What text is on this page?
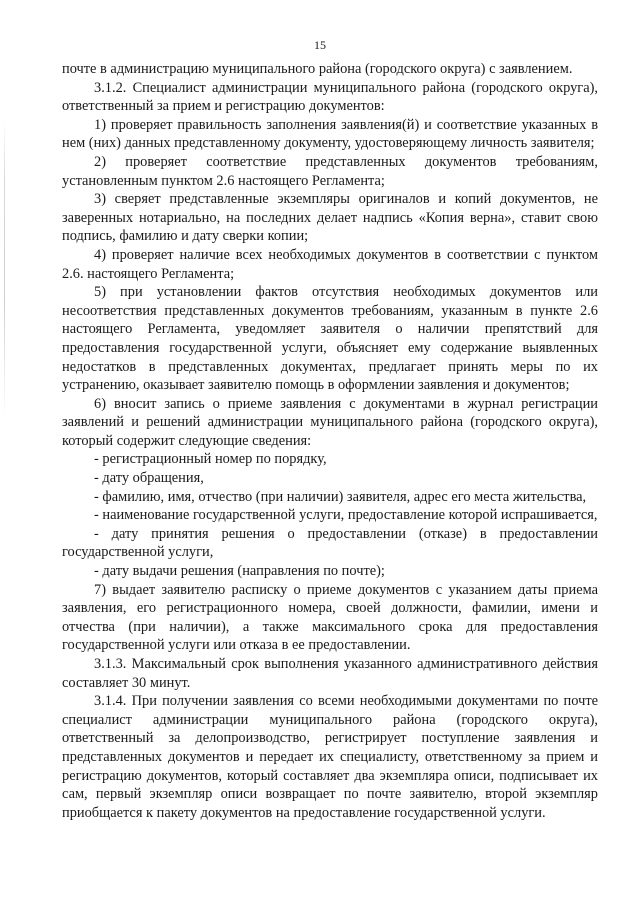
15

почте в администрацию муниципального района (городского округа) с заявлением.

3.1.2. Специалист администрации муниципального района (городского округа), ответственный за прием и регистрацию документов:

1) проверяет правильность заполнения заявления(й) и соответствие указанных в нем (них) данных представленному документу, удостоверяющему личность заявителя;

2) проверяет соответствие представленных документов требованиям, установленным пунктом 2.6 настоящего Регламента;

3) сверяет представленные экземпляры оригиналов и копий документов, не заверенных нотариально, на последних делает надпись «Копия верна», ставит свою подпись, фамилию и дату сверки копии;

4) проверяет наличие всех необходимых документов в соответствии с пунктом 2.6. настоящего Регламента;

5) при установлении фактов отсутствия необходимых документов или несоответствия представленных документов требованиям, указанным в пункте 2.6 настоящего Регламента, уведомляет заявителя о наличии препятствий для предоставления государственной услуги, объясняет ему содержание выявленных недостатков в представленных документах, предлагает принять меры по их устранению, оказывает заявителю помощь в оформлении заявления и документов;

6) вносит запись о приеме заявления с документами в журнал регистрации заявлений и решений администрации муниципального района (городского округа), который содержит следующие сведения:

- регистрационный номер по порядку,

- дату обращения,

- фамилию, имя, отчество (при наличии) заявителя, адрес его места жительства,

- наименование государственной услуги, предоставление которой испрашивается,

- дату принятия решения о предоставлении (отказе) в предоставлении государственной услуги,

- дату выдачи решения (направления по почте);

7) выдает заявителю расписку о приеме документов с указанием даты приема заявления, его регистрационного номера, своей должности, фамилии, имени и отчества (при наличии), а также максимального срока для предоставления государственной услуги или отказа в ее предоставлении.

3.1.3. Максимальный срок выполнения указанного административного действия составляет 30 минут.

3.1.4. При получении заявления со всеми необходимыми документами по почте специалист администрации муниципального района (городского округа), ответственный за делопроизводство, регистрирует поступление заявления и представленных документов и передает их специалисту, ответственному за прием и регистрацию документов, который составляет два экземпляра описи, подписывает их сам, первый экземпляр описи возвращает по почте заявителю, второй экземпляр приобщается к пакету документов на предоставление государственной услуги.
